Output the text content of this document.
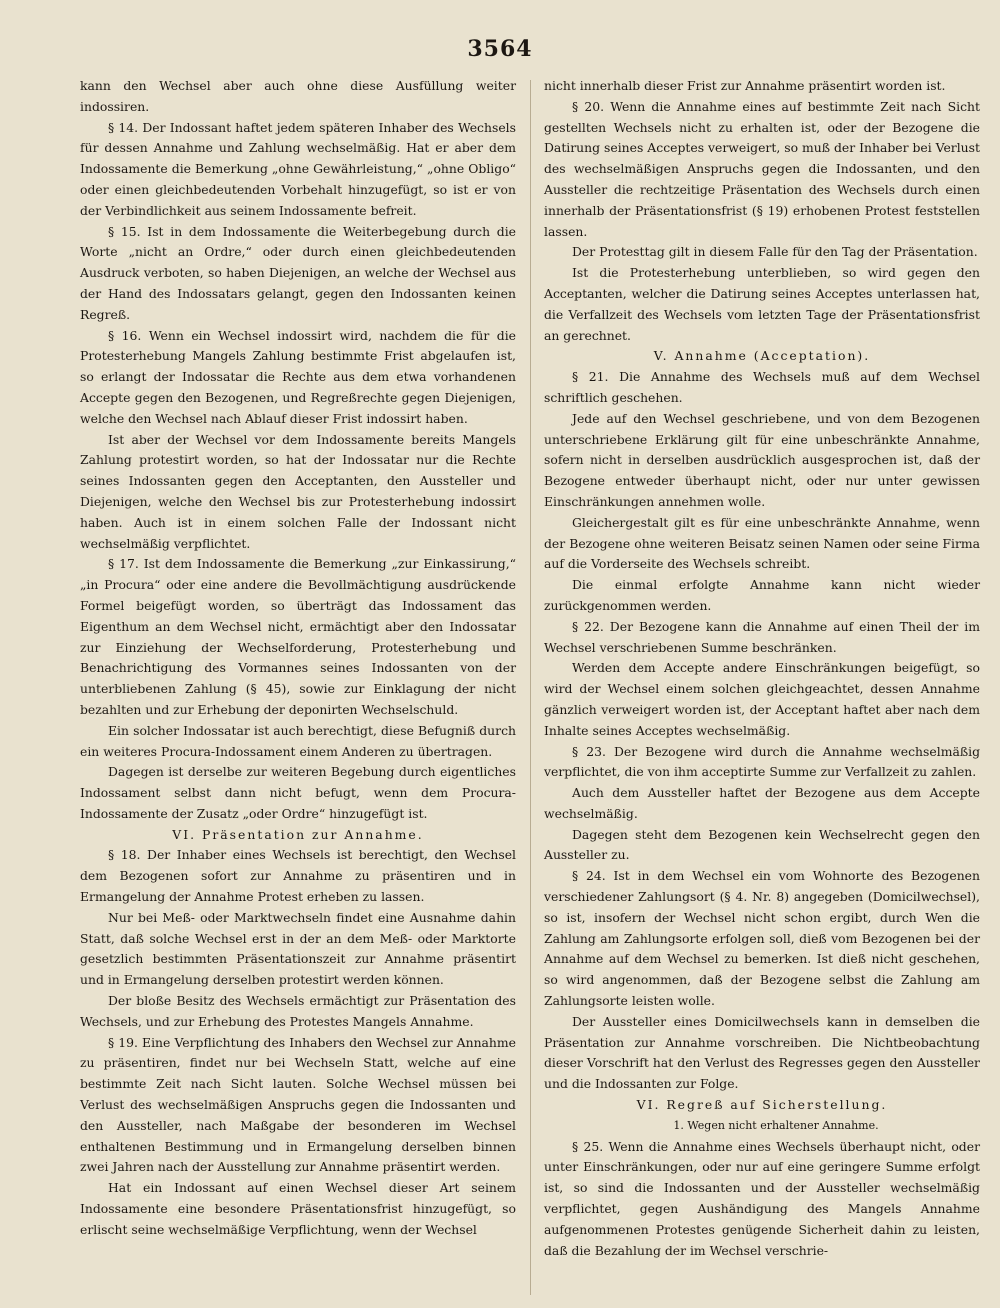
3564

kann den Wechsel aber auch ohne diese Ausfüllung weiter indossiren.

§ 14. Der Indossant haftet jedem späteren Inhaber des Wechsels für dessen Annahme und Zahlung wechselmäßig. Hat er aber dem Indossamente die Bemerkung „ohne Gewährleistung,“ „ohne Obligo“ oder einen gleichbedeutenden Vorbehalt hinzugefügt, so ist er von der Verbindlichkeit aus seinem Indossamente befreit.

§ 15. Ist in dem Indossamente die Weiterbegebung durch die Worte „nicht an Ordre,“ oder durch einen gleichbedeutenden Ausdruck verboten, so haben Diejenigen, an welche der Wechsel aus der Hand des Indossatars gelangt, gegen den Indossanten keinen Regreß.

§ 16. Wenn ein Wechsel indossirt wird, nachdem die für die Protesterhebung Mangels Zahlung bestimmte Frist abgelaufen ist, so erlangt der Indossatar die Rechte aus dem etwa vorhandenen Accepte gegen den Bezogenen, und Regreßrechte gegen Diejenigen, welche den Wechsel nach Ablauf dieser Frist indossirt haben.

Ist aber der Wechsel vor dem Indossamente bereits Mangels Zahlung protestirt worden, so hat der Indossatar nur die Rechte seines Indossanten gegen den Acceptanten, den Aussteller und Diejenigen, welche den Wechsel bis zur Protesterhebung indossirt haben. Auch ist in einem solchen Falle der Indossant nicht wechselmäßig verpflichtet.

§ 17. Ist dem Indossamente die Bemerkung „zur Einkassirung,“ „in Procura“ oder eine andere die Bevollmächtigung ausdrückende Formel beigefügt worden, so überträgt das Indossament das Eigenthum an dem Wechsel nicht, ermächtigt aber den Indossatar zur Einziehung der Wechselforderung, Protesterhebung und Benachrichtigung des Vormannes seines Indossanten von der unterbliebenen Zahlung (§ 45), sowie zur Einklagung der nicht bezahlten und zur Erhebung der deponirten Wechselschuld.

Ein solcher Indossatar ist auch berechtigt, diese Befugniß durch ein weiteres Procura-Indossament einem Anderen zu übertragen.

Dagegen ist derselbe zur weiteren Begebung durch eigentliches Indossament selbst dann nicht befugt, wenn dem Procura-Indossamente der Zusatz „oder Ordre“ hinzugefügt ist.

VI. Präsentation zur Annahme.

§ 18. Der Inhaber eines Wechsels ist berechtigt, den Wechsel dem Bezogenen sofort zur Annahme zu präsentiren und in Ermangelung der Annahme Protest erheben zu lassen.

Nur bei Meß- oder Marktwechseln findet eine Ausnahme dahin Statt, daß solche Wechsel erst in der an dem Meß- oder Marktorte gesetzlich bestimmten Präsentationszeit zur Annahme präsentirt und in Ermangelung derselben protestirt werden können.

Der bloße Besitz des Wechsels ermächtigt zur Präsentation des Wechsels, und zur Erhebung des Protestes Mangels Annahme.

§ 19. Eine Verpflichtung des Inhabers den Wechsel zur Annahme zu präsentiren, findet nur bei Wechseln Statt, welche auf eine bestimmte Zeit nach Sicht lauten. Solche Wechsel müssen bei Verlust des wechselmäßigen Anspruchs gegen die Indossanten und den Aussteller, nach Maßgabe der besonderen im Wechsel enthaltenen Bestimmung und in Ermangelung derselben binnen zwei Jahren nach der Ausstellung zur Annahme präsentirt werden.

Hat ein Indossant auf einen Wechsel dieser Art seinem Indossamente eine besondere Präsentationsfrist hinzugefügt, so erlischt seine wechselmäßige Verpflichtung, wenn der Wechsel

nicht innerhalb dieser Frist zur Annahme präsentirt worden ist.

§ 20. Wenn die Annahme eines auf bestimmte Zeit nach Sicht gestellten Wechsels nicht zu erhalten ist, oder der Bezogene die Datirung seines Acceptes verweigert, so muß der Inhaber bei Verlust des wechselmäßigen Anspruchs gegen die Indossanten, und den Aussteller die rechtzeitige Präsentation des Wechsels durch einen innerhalb der Präsentationsfrist (§ 19) erhobenen Protest feststellen lassen.

Der Protesttag gilt in diesem Falle für den Tag der Präsentation.

Ist die Protesterhebung unterblieben, so wird gegen den Acceptanten, welcher die Datirung seines Acceptes unterlassen hat, die Verfallzeit des Wechsels vom letzten Tage der Präsentationsfrist an gerechnet.

V. Annahme (Acceptation).

§ 21. Die Annahme des Wechsels muß auf dem Wechsel schriftlich geschehen.

Jede auf den Wechsel geschriebene, und von dem Bezogenen unterschriebene Erklärung gilt für eine unbeschränkte Annahme, sofern nicht in derselben ausdrücklich ausgesprochen ist, daß der Bezogene entweder überhaupt nicht, oder nur unter gewissen Einschränkungen annehmen wolle.

Gleichergestalt gilt es für eine unbeschränkte Annahme, wenn der Bezogene ohne weiteren Beisatz seinen Namen oder seine Firma auf die Vorderseite des Wechsels schreibt.

Die einmal erfolgte Annahme kann nicht wieder zurückgenommen werden.

§ 22. Der Bezogene kann die Annahme auf einen Theil der im Wechsel verschriebenen Summe beschränken.

Werden dem Accepte andere Einschränkungen beigefügt, so wird der Wechsel einem solchen gleichgeachtet, dessen Annahme gänzlich verweigert worden ist, der Acceptant haftet aber nach dem Inhalte seines Acceptes wechselmäßig.

§ 23. Der Bezogene wird durch die Annahme wechselmäßig verpflichtet, die von ihm acceptirte Summe zur Verfallzeit zu zahlen.

Auch dem Aussteller haftet der Bezogene aus dem Accepte wechselmäßig.

Dagegen steht dem Bezogenen kein Wechselrecht gegen den Aussteller zu.

§ 24. Ist in dem Wechsel ein vom Wohnorte des Bezogenen verschiedener Zahlungsort (§ 4. Nr. 8) angegeben (Domicilwechsel), so ist, insofern der Wechsel nicht schon ergibt, durch Wen die Zahlung am Zahlungsorte erfolgen soll, dieß vom Bezogenen bei der Annahme auf dem Wechsel zu bemerken. Ist dieß nicht geschehen, so wird angenommen, daß der Bezogene selbst die Zahlung am Zahlungsorte leisten wolle.

Der Aussteller eines Domicilwechsels kann in demselben die Präsentation zur Annahme vorschreiben. Die Nichtbeobachtung dieser Vorschrift hat den Verlust des Regresses gegen den Aussteller und die Indossanten zur Folge.

VI. Regreß auf Sicherstellung.

1. Wegen nicht erhaltener Annahme.

§ 25. Wenn die Annahme eines Wechsels überhaupt nicht, oder unter Einschränkungen, oder nur auf eine geringere Summe erfolgt ist, so sind die Indossanten und der Aussteller wechselmäßig verpflichtet, gegen Aushändigung des Mangels Annahme aufgenommenen Protestes genügende Sicherheit dahin zu leisten, daß die Bezahlung der im Wechsel verschrie-
